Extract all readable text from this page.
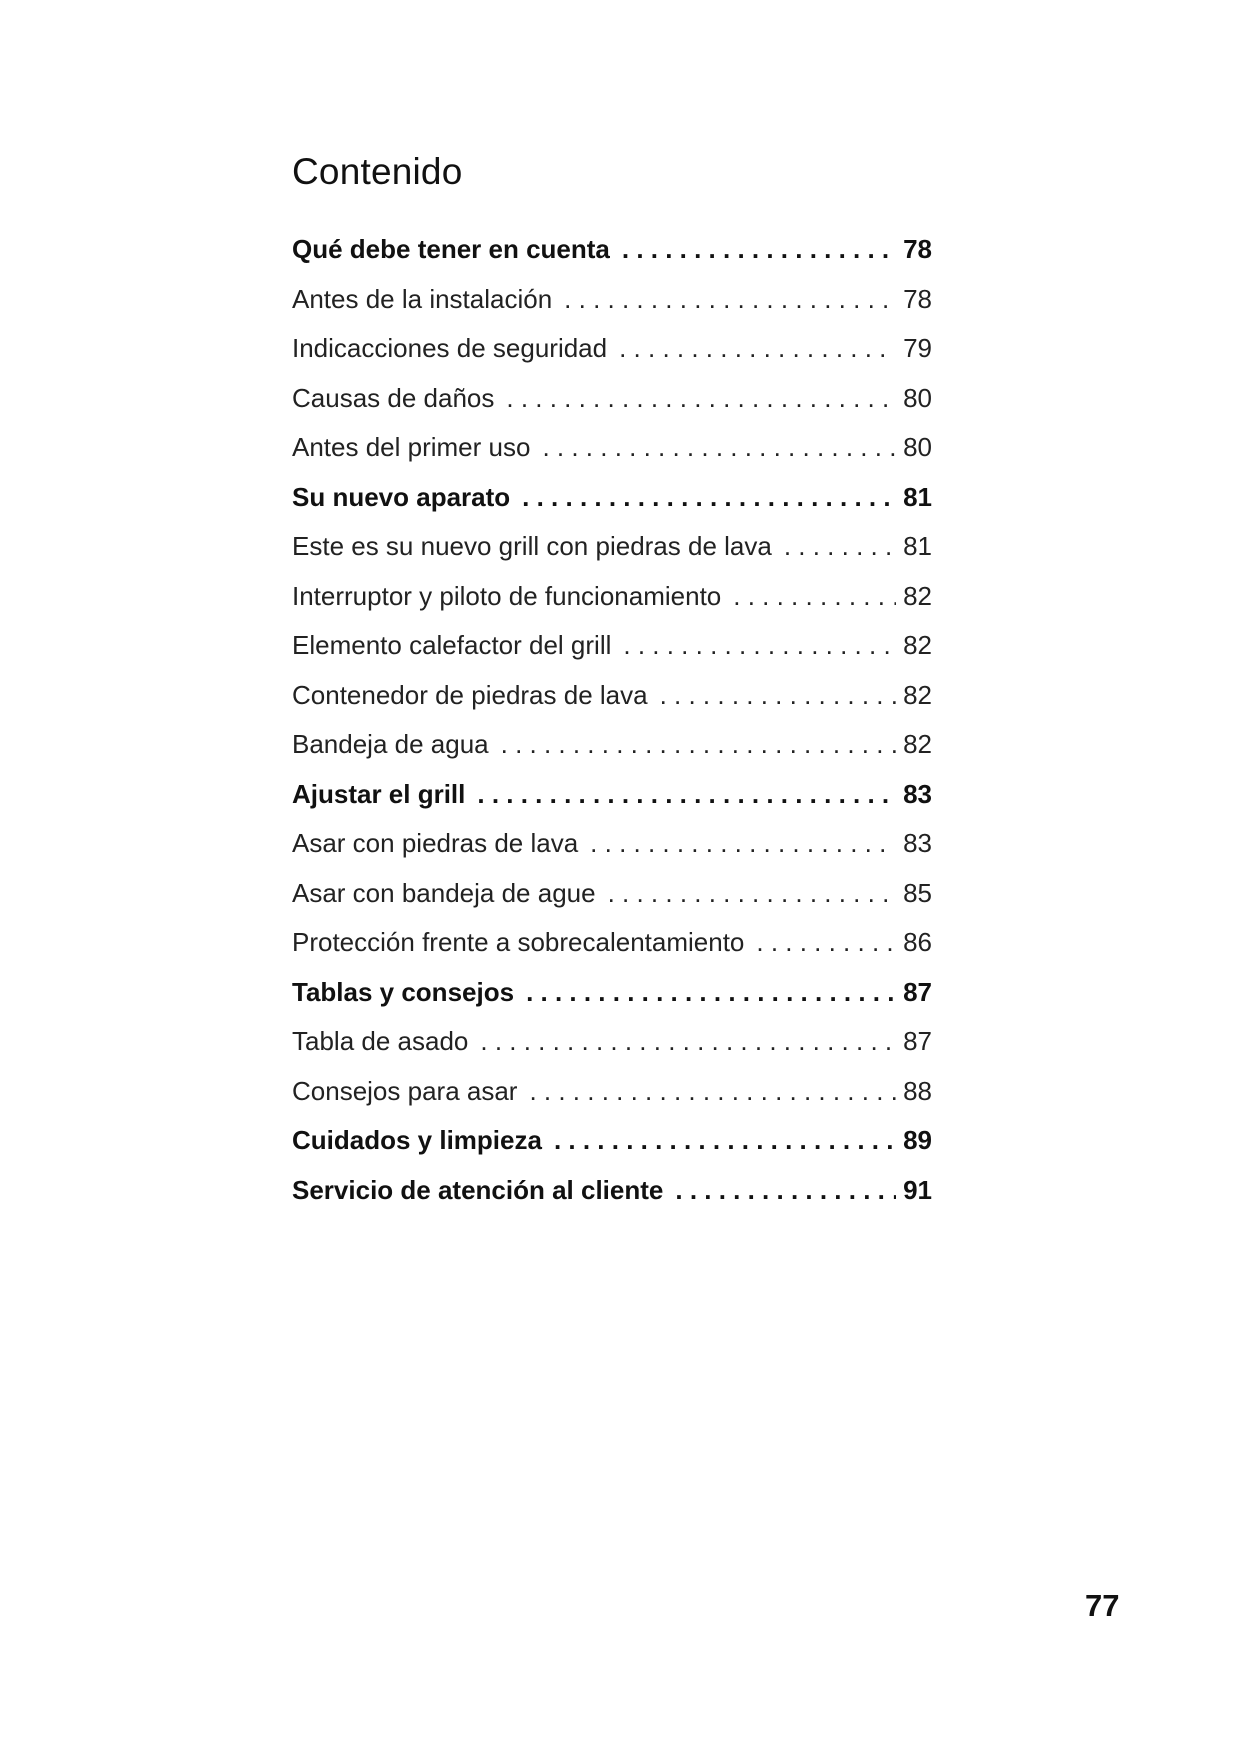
Contenido
Qué debe tener en cuenta . . .	78
Antes de la instalación . . .	78
Indicacciones de seguridad . . .	79
Causas de daños . . .	80
Antes del primer uso . . .	80
Su nuevo aparato . . .	81
Este es su nuevo grill con piedras de lava . . .	81
Interruptor y piloto de funcionamiento . . .	82
Elemento calefactor del grill . . .	82
Contenedor de piedras de lava . . .	82
Bandeja de agua . . .	82
Ajustar el grill . . .	83
Asar con piedras de lava . . .	83
Asar con bandeja de ague . . .	85
Protección frente a sobrecalentamiento . . .	86
Tablas y consejos . . .	87
Tabla de asado . . .	87
Consejos para asar . . .	88
Cuidados y limpieza . . .	89
Servicio de atención al cliente . . .	91
77
